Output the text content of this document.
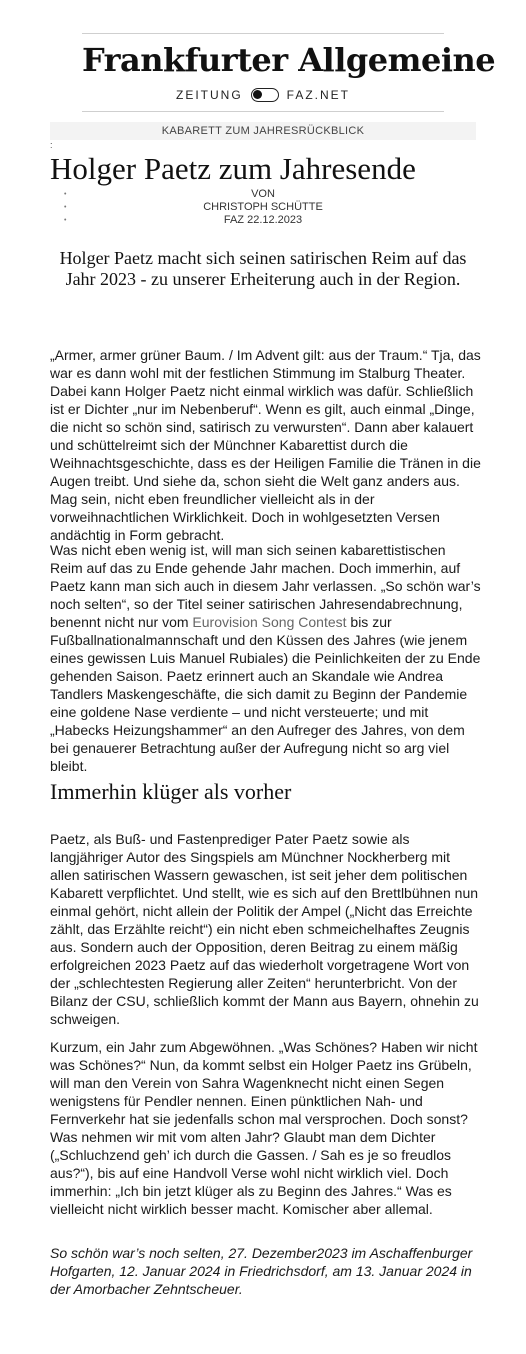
Frankfurter Allgemeine
ZEITUNG	FAZ.NET
KABARETT ZUM JAHRESRÜCKBLICK
:
Holger Paetz zum Jahresende
•	VON
•	CHRISTOPH SCHÜTTE
•	FAZ 22.12.2023

Holger Paetz macht sich seinen satirischen Reim auf das Jahr 2023 - zu unserer Erheiterung auch in der Region.

„Armer, armer grüner Baum. / Im Advent gilt: aus der Traum.“ Tja, das war es dann wohl mit der festlichen Stimmung im Stalburg Theater. Dabei kann Holger Paetz nicht einmal wirklich was dafür. Schließlich ist er Dichter „nur im Nebenberuf“. Wenn es gilt, auch einmal „Dinge, die nicht so schön sind, satirisch zu verwursten“. Dann aber kalauert und schüttelreimt sich der Münchner Kabarettist durch die Weihnachtsgeschichte, dass es der Heiligen Familie die Tränen in die Augen treibt. Und siehe da, schon sieht die Welt ganz anders aus. Mag sein, nicht eben freundlicher vielleicht als in der vorweihnachtlichen Wirklichkeit. Doch in wohlgesetzten Versen andächtig in Form gebracht.

Was nicht eben wenig ist, will man sich seinen kabarettistischen Reim auf das zu Ende gehende Jahr machen. Doch immerhin, auf Paetz kann man sich auch in diesem Jahr verlassen. „So schön war’s noch selten“, so der Titel seiner satirischen Jahresendabrechnung, benennt nicht nur vom Eurovision Song Contest bis zur Fußballnationalmannschaft und den Küssen des Jahres (wie jenem eines gewissen Luis Manuel Rubiales) die Peinlichkeiten der zu Ende gehenden Saison. Paetz erinnert auch an Skandale wie Andrea Tandlers Maskengeschäfte, die sich damit zu Beginn der Pandemie eine goldene Nase verdiente – und nicht versteuerte; und mit „Habecks Heizungshammer“ an den Aufreger des Jahres, von dem bei genauerer Betrachtung außer der Aufregung nicht so arg viel bleibt.

Immerhin klüger als vorher

Paetz, als Buß- und Fastenprediger Pater Paetz sowie als langjähriger Autor des Singspiels am Münchner Nockherberg mit allen satirischen Wassern gewaschen, ist seit jeher dem politischen Kabarett verpflichtet. Und stellt, wie es sich auf den Brettlbühnen nun einmal gehört, nicht allein der Politik der Ampel („Nicht das Erreichte zählt, das Erzählte reicht“) ein nicht eben schmeichelhaftes Zeugnis aus. Sondern auch der Opposition, deren Beitrag zu einem mäßig erfolgreichen 2023 Paetz auf das wiederholt vorgetragene Wort von der „schlechtesten Regierung aller Zeiten“ herunterbricht. Von der Bilanz der CSU, schließlich kommt der Mann aus Bayern, ohnehin zu schweigen.

Kurzum, ein Jahr zum Abgewöhnen. „Was Schönes? Haben wir nicht was Schönes?“ Nun, da kommt selbst ein Holger Paetz ins Grübeln, will man den Verein von Sahra Wagenknecht nicht einen Segen wenigstens für Pendler nennen. Einen pünktlichen Nah- und Fernverkehr hat sie jedenfalls schon mal versprochen. Doch sonst? Was nehmen wir mit vom alten Jahr? Glaubt man dem Dichter („Schluchzend geh’ ich durch die Gassen. / Sah es je so freudlos aus?“), bis auf eine Handvoll Verse wohl nicht wirklich viel. Doch immerhin: „Ich bin jetzt klüger als zu Beginn des Jahres.“ Was es vielleicht nicht wirklich besser macht. Komischer aber allemal.

So schön war’s noch selten, 27. Dezember2023 im Aschaffenburger Hofgarten, 12. Januar 2024 in Friedrichsdorf, am 13. Januar 2024 in der Amorbacher Zehntscheuer.
